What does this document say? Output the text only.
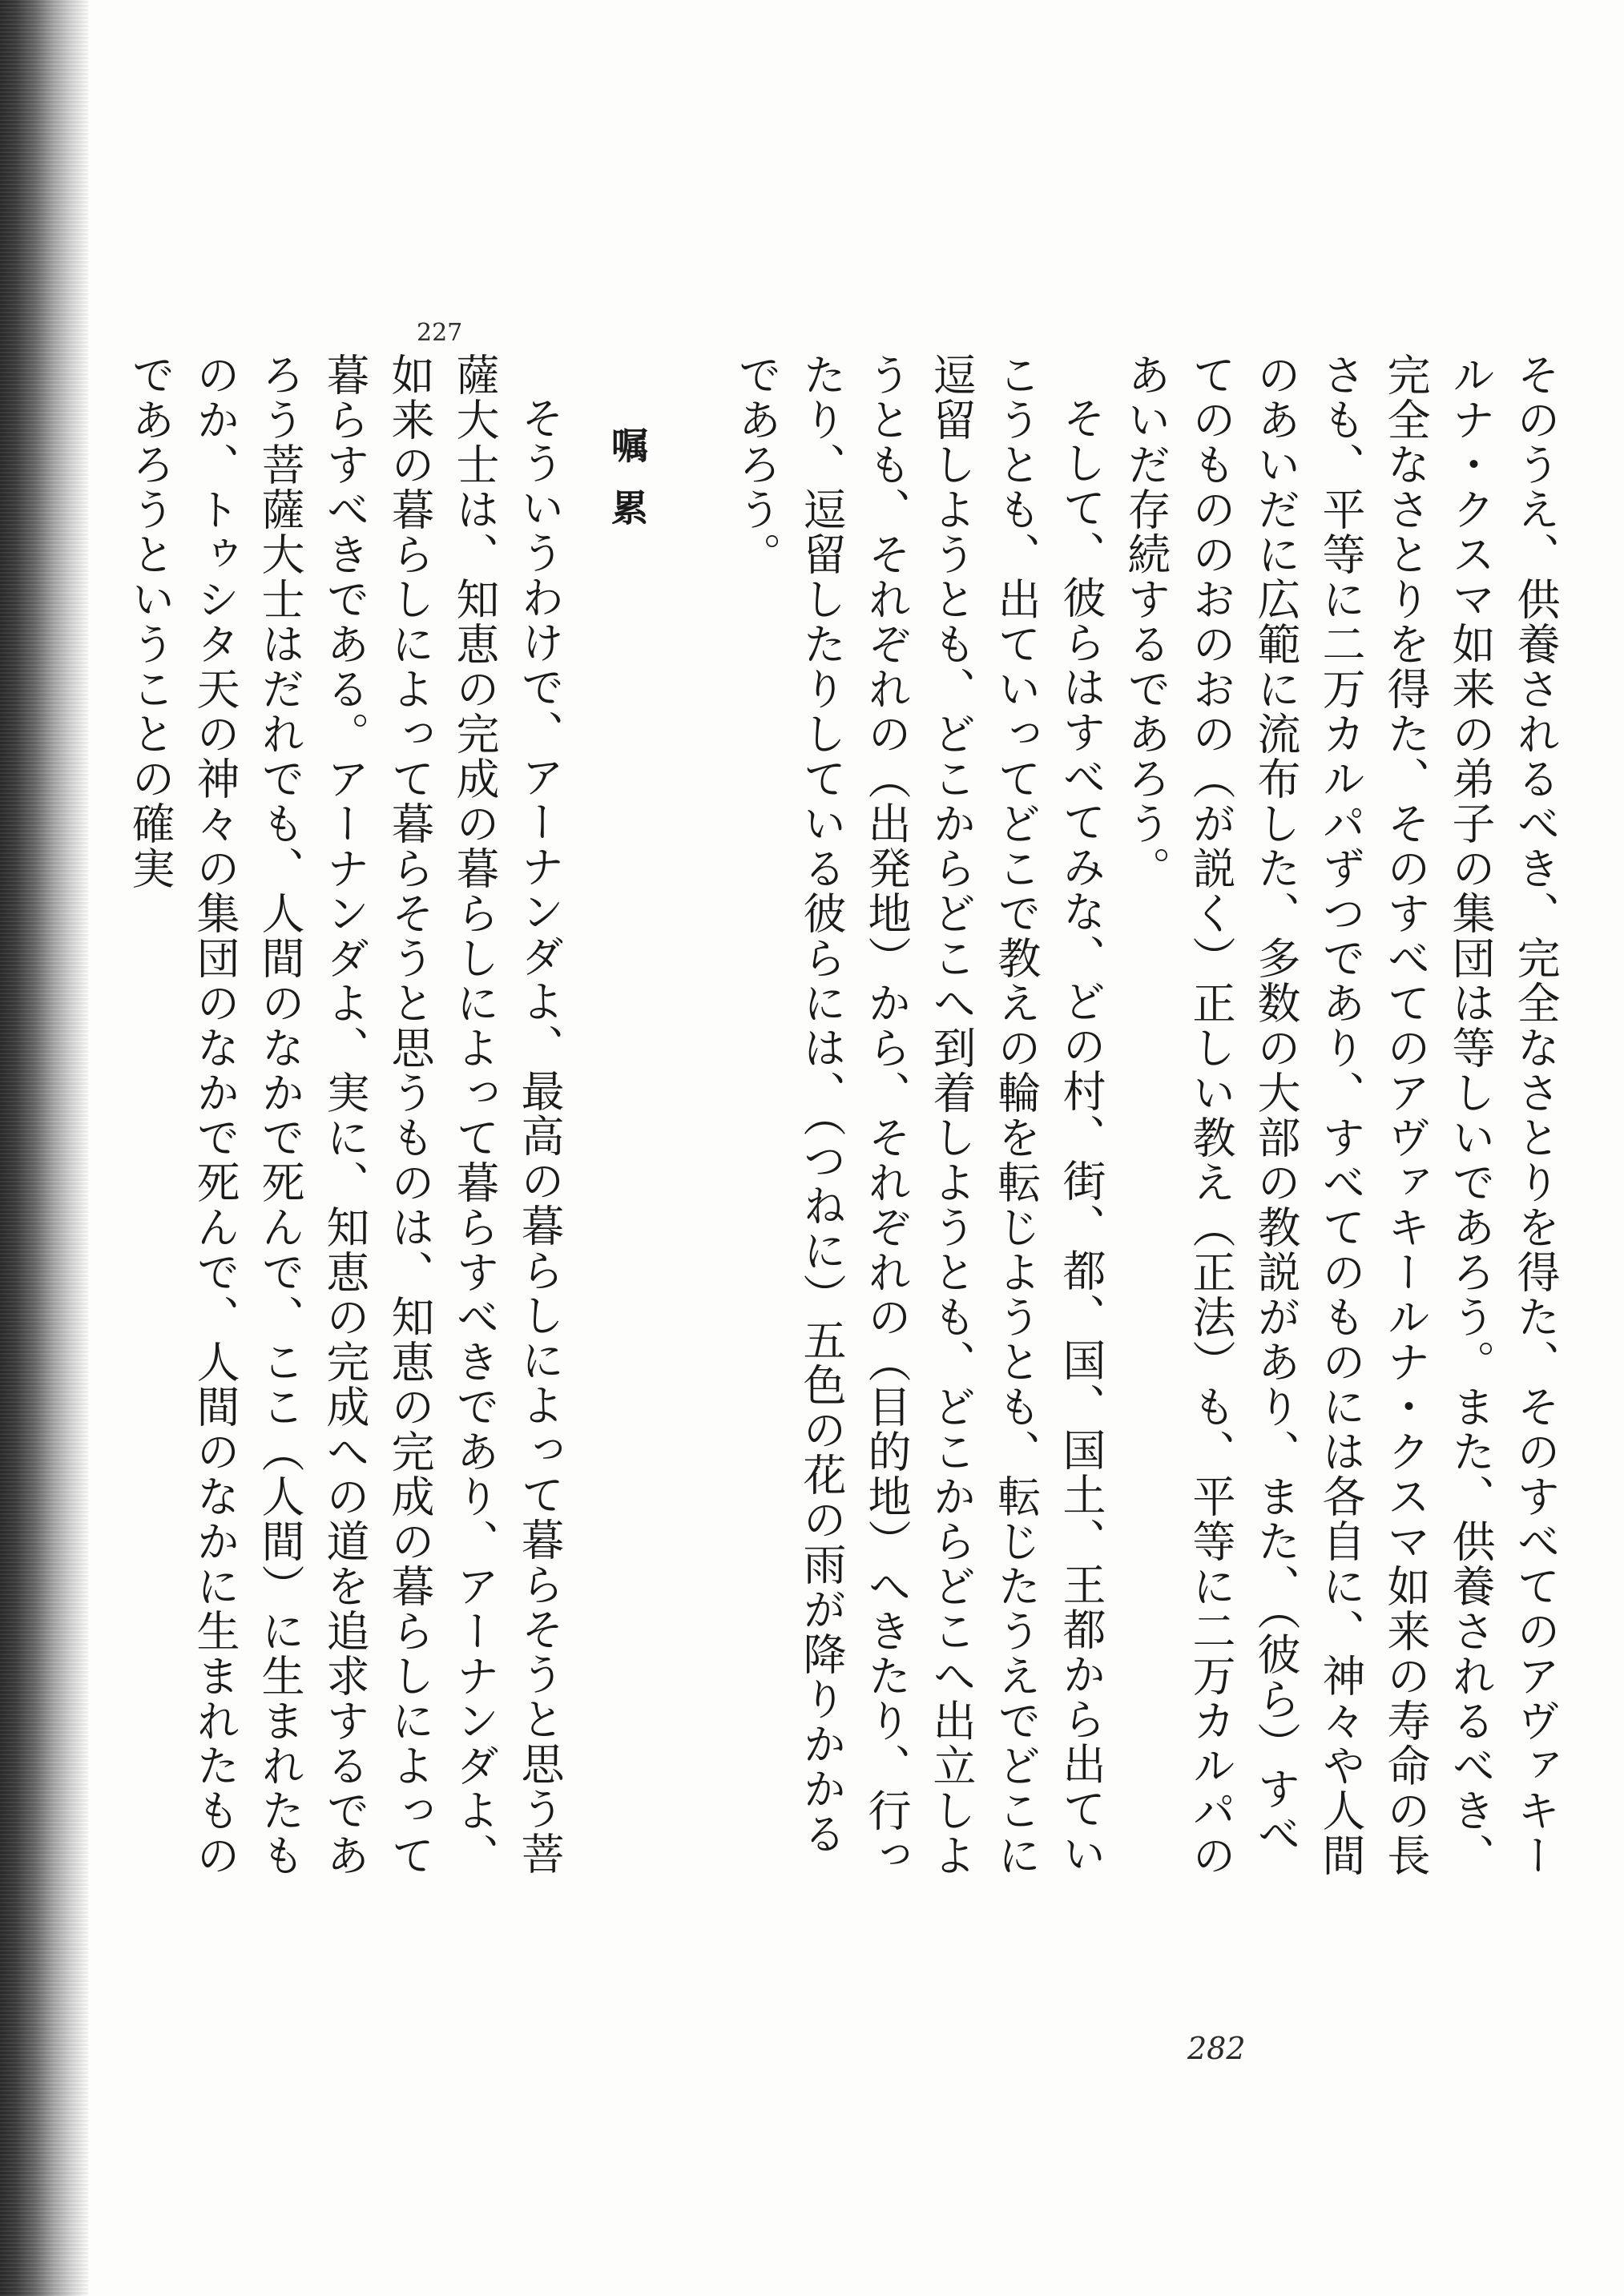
そのうえ、供養されるべき、完全なさとりを得た、そのすべてのアヴァキールナ・クスマ如来の弟子の集団は等しいであろう。また、供養されるべき、完全なさとりを得た、そのすべてのアヴァキールナ・クスマ如来の寿命の長さも、平等に二万カルパずつであり、すべてのものには各自に、神々や人間のあいだに広範に流布した、多数の大部の教説があり、また、（彼ら）すべてのもののおのおの（が説く）正しい教え（正法）も、平等に二万カルパのあいだ存続するであろう。

そして、彼らはすべてみな、どの村、街、都、国、国土、王都から出ていこうとも、出ていってどこで教えの輪を転じようとも、転じたうえでどこに逗留しようとも、どこからどこへ到着しようとも、どこからどこへ出立しようとも、それぞれの（出発地）から、それぞれの（目的地）へきたり、行ったり、逗留したりしている彼らには、（つねに）五色の花の雨が降りかかるであろう。

嘱累

そういうわけで、アーナンダよ、最高の暮らしによって暮らそうと思う菩薩大士は、知恵の完成の暮らしによって暮らすべきであり、アーナンダよ、如来の暮らしによって暮らそうと思うものは、知恵の完成の暮らしによって暮らすべきである。アーナンダよ、実に、知恵の完成への道を追求するであろう菩薩大士はだれでも、人間のなかで死んで、ここ（人間）に生まれたものか、トゥシタ天の神々の集団のなかで死んで、人間のなかに生まれたものであろうということの確実

227
282
